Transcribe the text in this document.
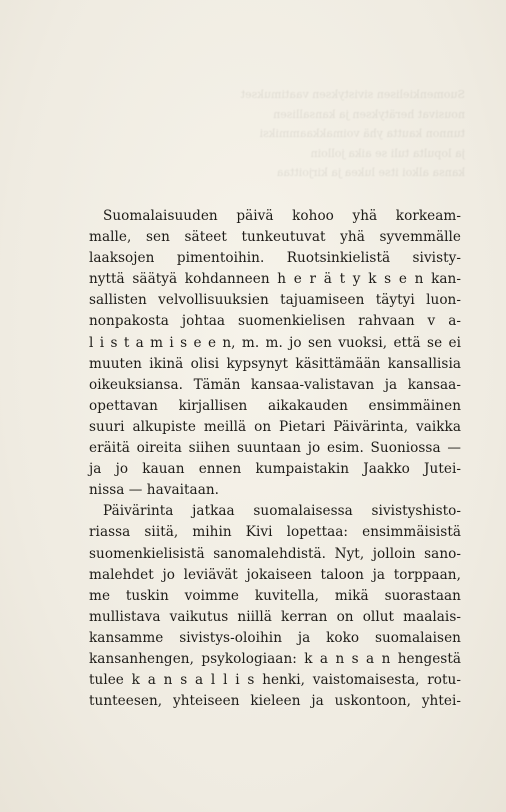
Suomenkielisen sivistyksen vaatimukset
nousivat herätyksen ja kansallisen
tunnon kautta yhä voimakkaammiksi
ja lopulta tuli se aika jolloin
kansa alkoi itse lukea ja kirjoittaa
Suomalaisuuden päivä kohoo yhä korkeam-
malle, sen säteet tunkeutuvat yhä syvemmälle
laaksojen pimentoihin. Ruotsinkielistä sivisty-
nyttä säätyä kohdanneen h e r ä t y k s e n kan-
sallisten velvollisuuksien tajuamiseen täytyi luon-
nonpakosta johtaa suomenkielisen rahvaan v a-
l i s t a m i s e e n, m. m. jo sen vuoksi, että se ei
muuten ikinä olisi kypsynyt käsittämään kansallisia
oikeuksiansa. Tämän kansaa-valistavan ja kansaa-
opettavan kirjallisen aikakauden ensimmäinen
suuri alkupiste meillä on Pietari Päivärinta, vaikka
eräitä oireita siihen suuntaan jo esim. Suoniossa —
ja jo kauan ennen kumpaistakin Jaakko Jutei-
nissa — havaitaan.
Päivärinta jatkaa suomalaisessa sivistyshisto-
riassa siitä, mihin Kivi lopettaa: ensimmäisistä
suomenkielisistä sanomalehdistä. Nyt, jolloin sano-
malehdet jo leviävät jokaiseen taloon ja torppaan,
me tuskin voimme kuvitella, mikä suorastaan
mullistava vaikutus niillä kerran on ollut maalais-
kansamme sivistys-oloihin ja koko suomalaisen
kansanhengen, psykologiaan: k a n s a n hengestä
tulee k a n s a l l i s henki, vaistomaisesta, rotu-
tunteesen, yhteiseen kieleen ja uskontoon, yhtei-
